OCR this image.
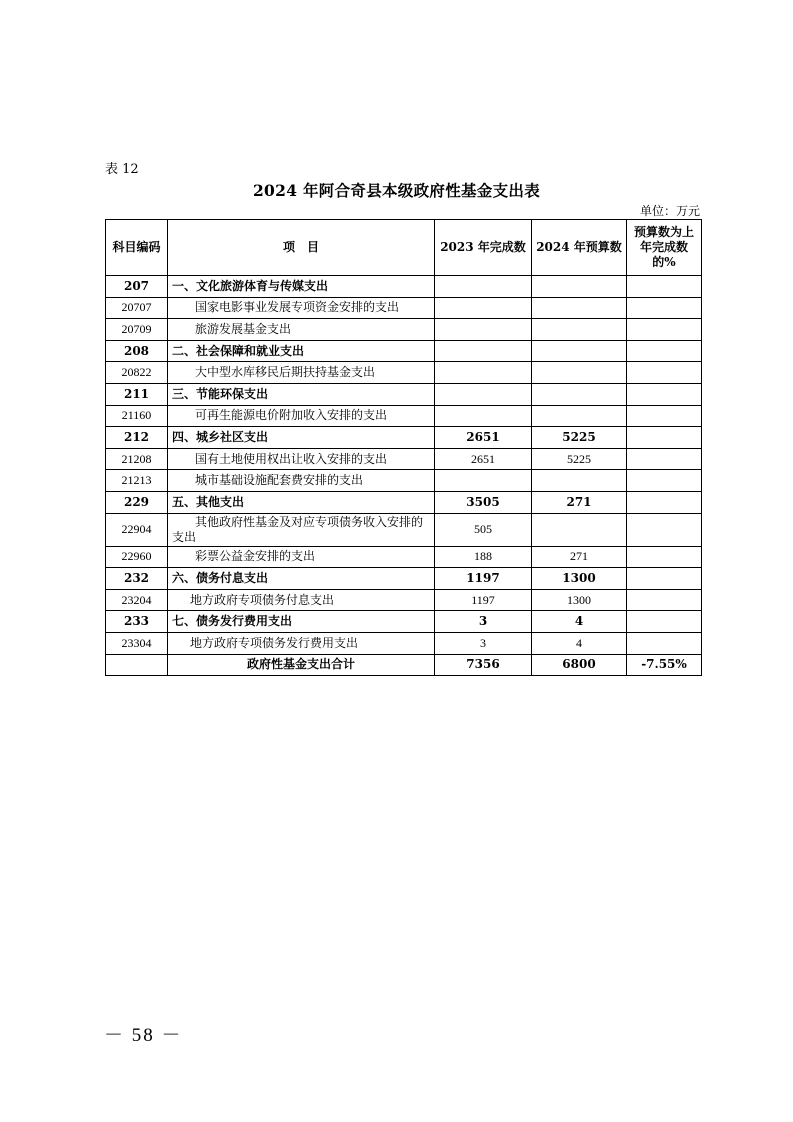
表 12
2024 年阿合奇县本级政府性基金支出表
单位：万元
科目编码	项　目	2023 年完成数	2024 年预算数	预算数为上
年完成数
的%

207	一、文化旅游体育与传媒支出			
20707	国家电影事业发展专项资金安排的支出			
20709	旅游发展基金支出			
208	二、社会保障和就业支出			
20822	大中型水库移民后期扶持基金支出			
211	三、节能环保支出			
21160	可再生能源电价附加收入安排的支出			
212	四、城乡社区支出	2651	5225	
21208	国有土地使用权出让收入安排的支出	2651	5225	
21213	城市基础设施配套费安排的支出			
229	五、其他支出	3505	271	
22904	其他政府性基金及对应专项债务收入安排的支出	505		
22960	彩票公益金安排的支出	188	271	
232	六、债务付息支出	1197	1300	
23204	地方政府专项债务付息支出	1197	1300	
233	七、债务发行费用支出	3	4	
23304	地方政府专项债务发行费用支出	3	4	
	政府性基金支出合计	7356	6800	-7.55%
－ 58 －
